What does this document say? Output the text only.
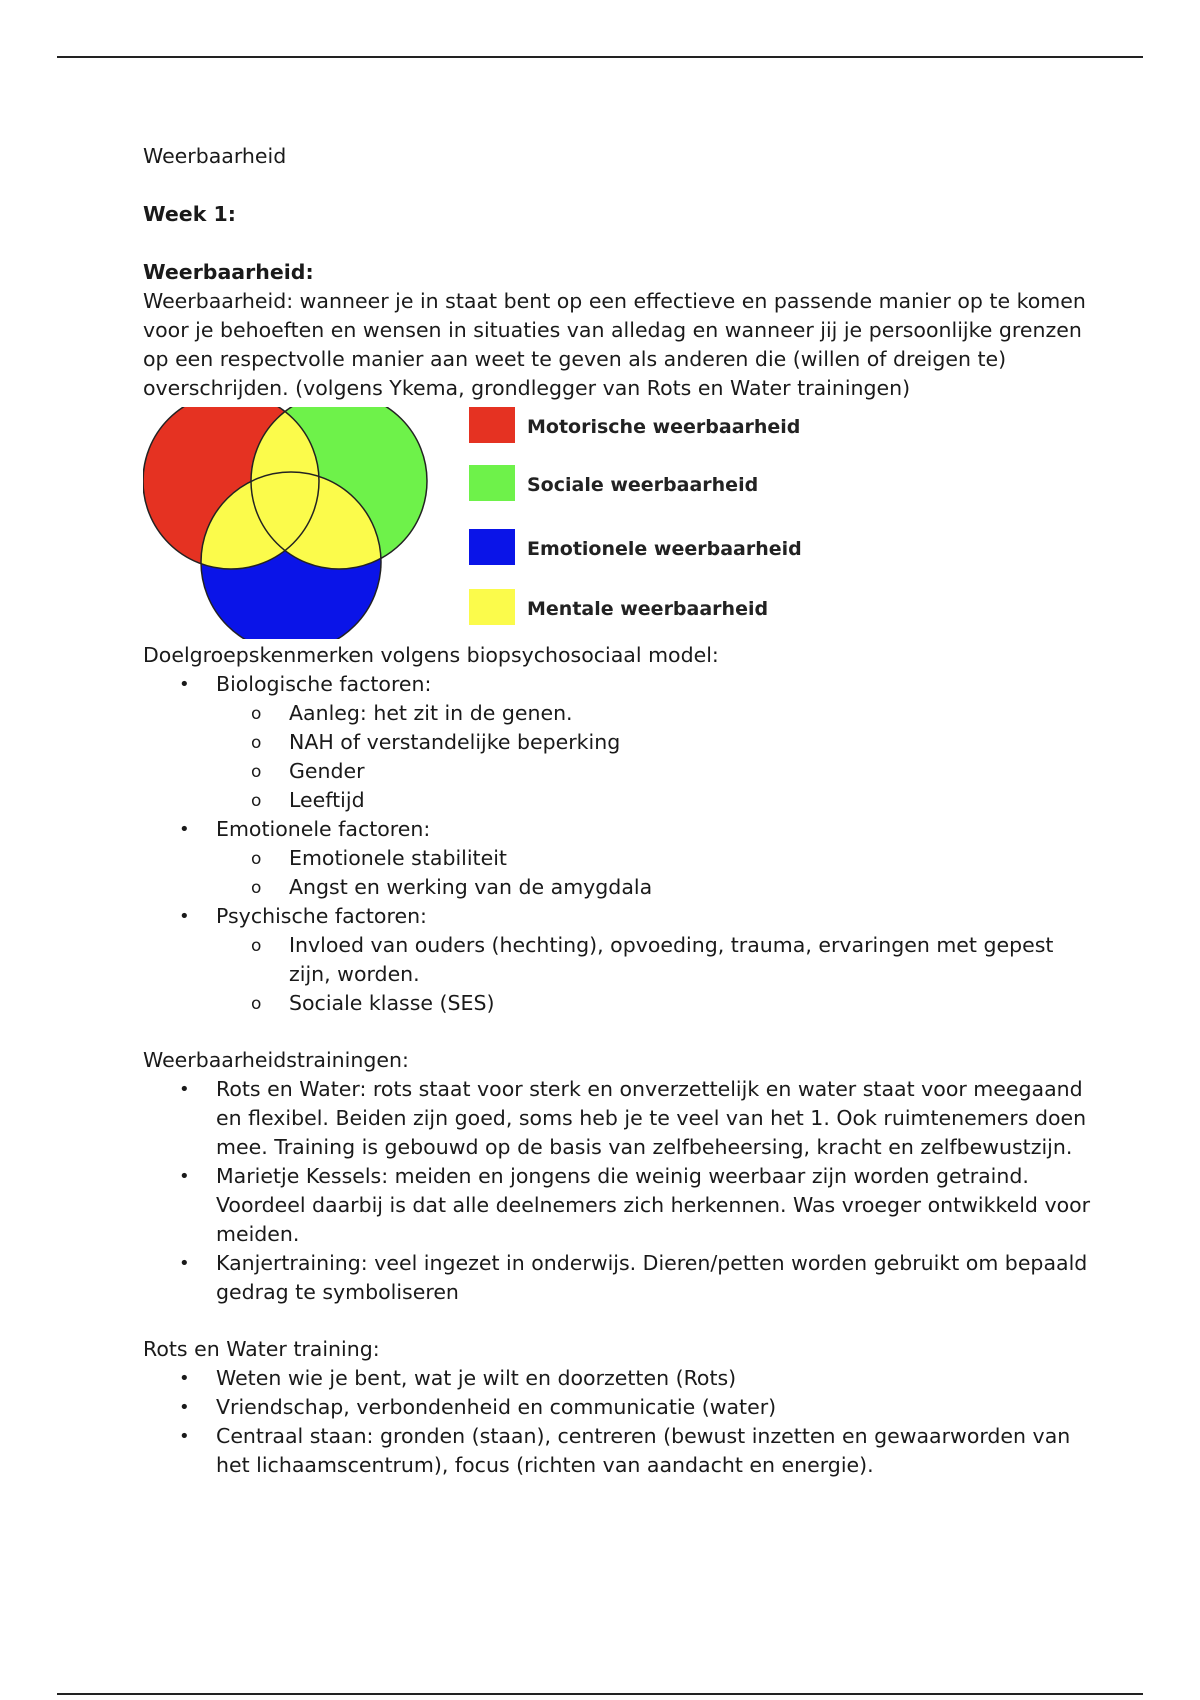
Weerbaarheid
Week 1:
Weerbaarheid:
Weerbaarheid: wanneer je in staat bent op een effectieve en passende manier op te komen
voor je behoeften en wensen in situaties van alledag en wanneer jij je persoonlijke grenzen
op een respectvolle manier aan weet te geven als anderen die (willen of dreigen te)
overschrijden. (volgens Ykema, grondlegger van Rots en Water trainingen)
Motorische weerbaarheid
Sociale weerbaarheid
Emotionele weerbaarheid
Mentale weerbaarheid
Doelgroepskenmerken volgens biopsychosociaal model:
• Biologische factoren:
o Aanleg: het zit in de genen.
o NAH of verstandelijke beperking
o Gender
o Leeftijd
• Emotionele factoren:
o Emotionele stabiliteit
o Angst en werking van de amygdala
• Psychische factoren:
o Invloed van ouders (hechting), opvoeding, trauma, ervaringen met gepest
zijn, worden.
o Sociale klasse (SES)
Weerbaarheidstrainingen:
• Rots en Water: rots staat voor sterk en onverzettelijk en water staat voor meegaand
en flexibel. Beiden zijn goed, soms heb je te veel van het 1. Ook ruimtenemers doen
mee. Training is gebouwd op de basis van zelfbeheersing, kracht en zelfbewustzijn.
• Marietje Kessels: meiden en jongens die weinig weerbaar zijn worden getraind.
Voordeel daarbij is dat alle deelnemers zich herkennen. Was vroeger ontwikkeld voor
meiden.
• Kanjertraining: veel ingezet in onderwijs. Dieren/petten worden gebruikt om bepaald
gedrag te symboliseren
Rots en Water training:
• Weten wie je bent, wat je wilt en doorzetten (Rots)
• Vriendschap, verbondenheid en communicatie (water)
• Centraal staan: gronden (staan), centreren (bewust inzetten en gewaarworden van
het lichaamscentrum), focus (richten van aandacht en energie).
